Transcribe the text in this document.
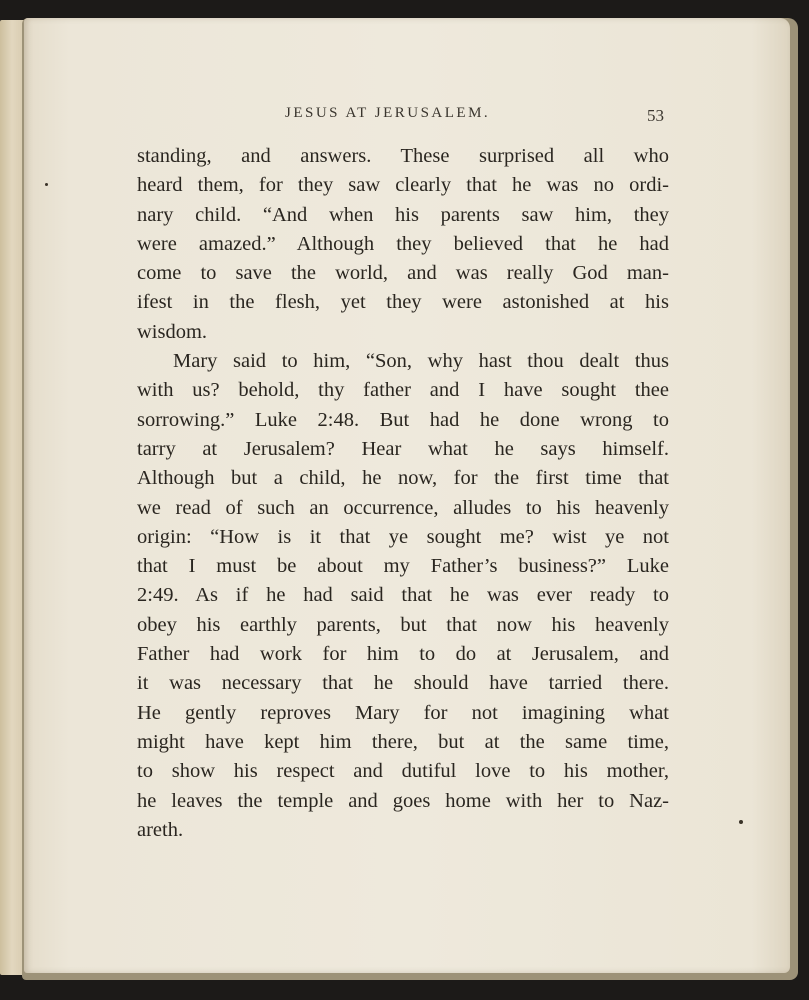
JESUS AT JERUSALEM.	53
standing, and answers. These surprised all who
heard them, for they saw clearly that he was no ordi-
nary child. “And when his parents saw him, they
were amazed.” Although they believed that he had
come to save the world, and was really God man-
ifest in the flesh, yet they were astonished at his
wisdom.
Mary said to him, “Son, why hast thou dealt thus
with us? behold, thy father and I have sought thee
sorrowing.” Luke 2:48. But had he done wrong to
tarry at Jerusalem? Hear what he says himself.
Although but a child, he now, for the first time that
we read of such an occurrence, alludes to his heavenly
origin: “How is it that ye sought me? wist ye not
that I must be about my Father’s business?” Luke
2:49. As if he had said that he was ever ready to
obey his earthly parents, but that now his heavenly
Father had work for him to do at Jerusalem, and
it was necessary that he should have tarried there.
He gently reproves Mary for not imagining what
might have kept him there, but at the same time,
to show his respect and dutiful love to his mother,
he leaves the temple and goes home with her to Naz-
areth.
